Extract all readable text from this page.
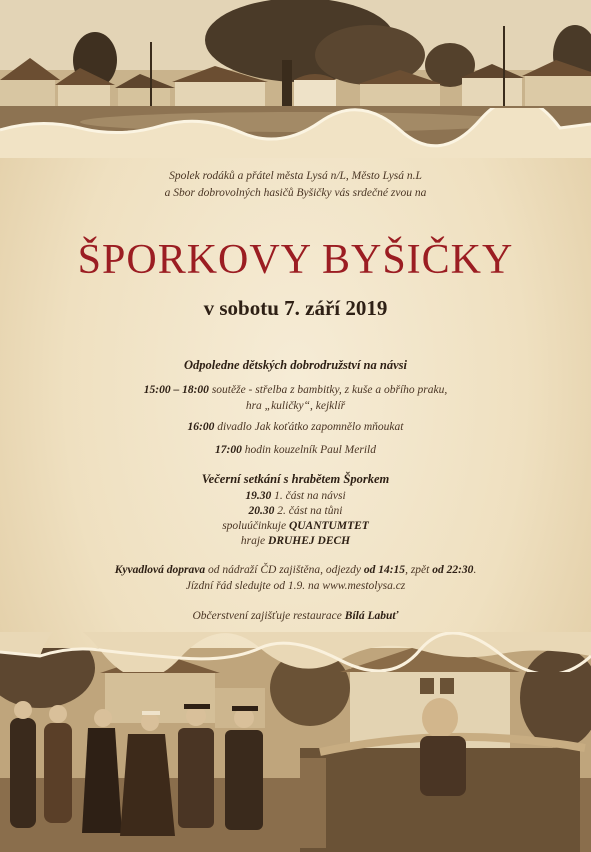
Spolek rodáků a přátel města Lysá n/L, Město Lysá n.L
a Sbor dobrovolných hasičů Byšičky vás srdečné zvou na
ŠPORKOVY BYŠIČKY
v sobotu 7. září 2019
Odpoledne dětských dobrodružství na návsi
15:00 – 18:00 soutěže - střelba z bambitky, z kuše a obřího praku,
hra „kuličky“, kejklíř
16:00 divadlo Jak koťátko zapomnělo mňoukat
17:00 hodin kouzelník Paul Merild
Večerní setkání s hrabětem Šporkem
19.30 1. část na návsi
20.30 2. část na tůni
spoluúčinkuje QUANTUMTET
hraje DRUHEJ DECH
Kyvadlová doprava od nádraží ČD zajištěna, odjezdy od 14:15, zpět od 22:30.
Jízdní řád sledujte od 1.9. na www.mestolysa.cz
Občerstvení zajišťuje restaurace Bílá Labuť
